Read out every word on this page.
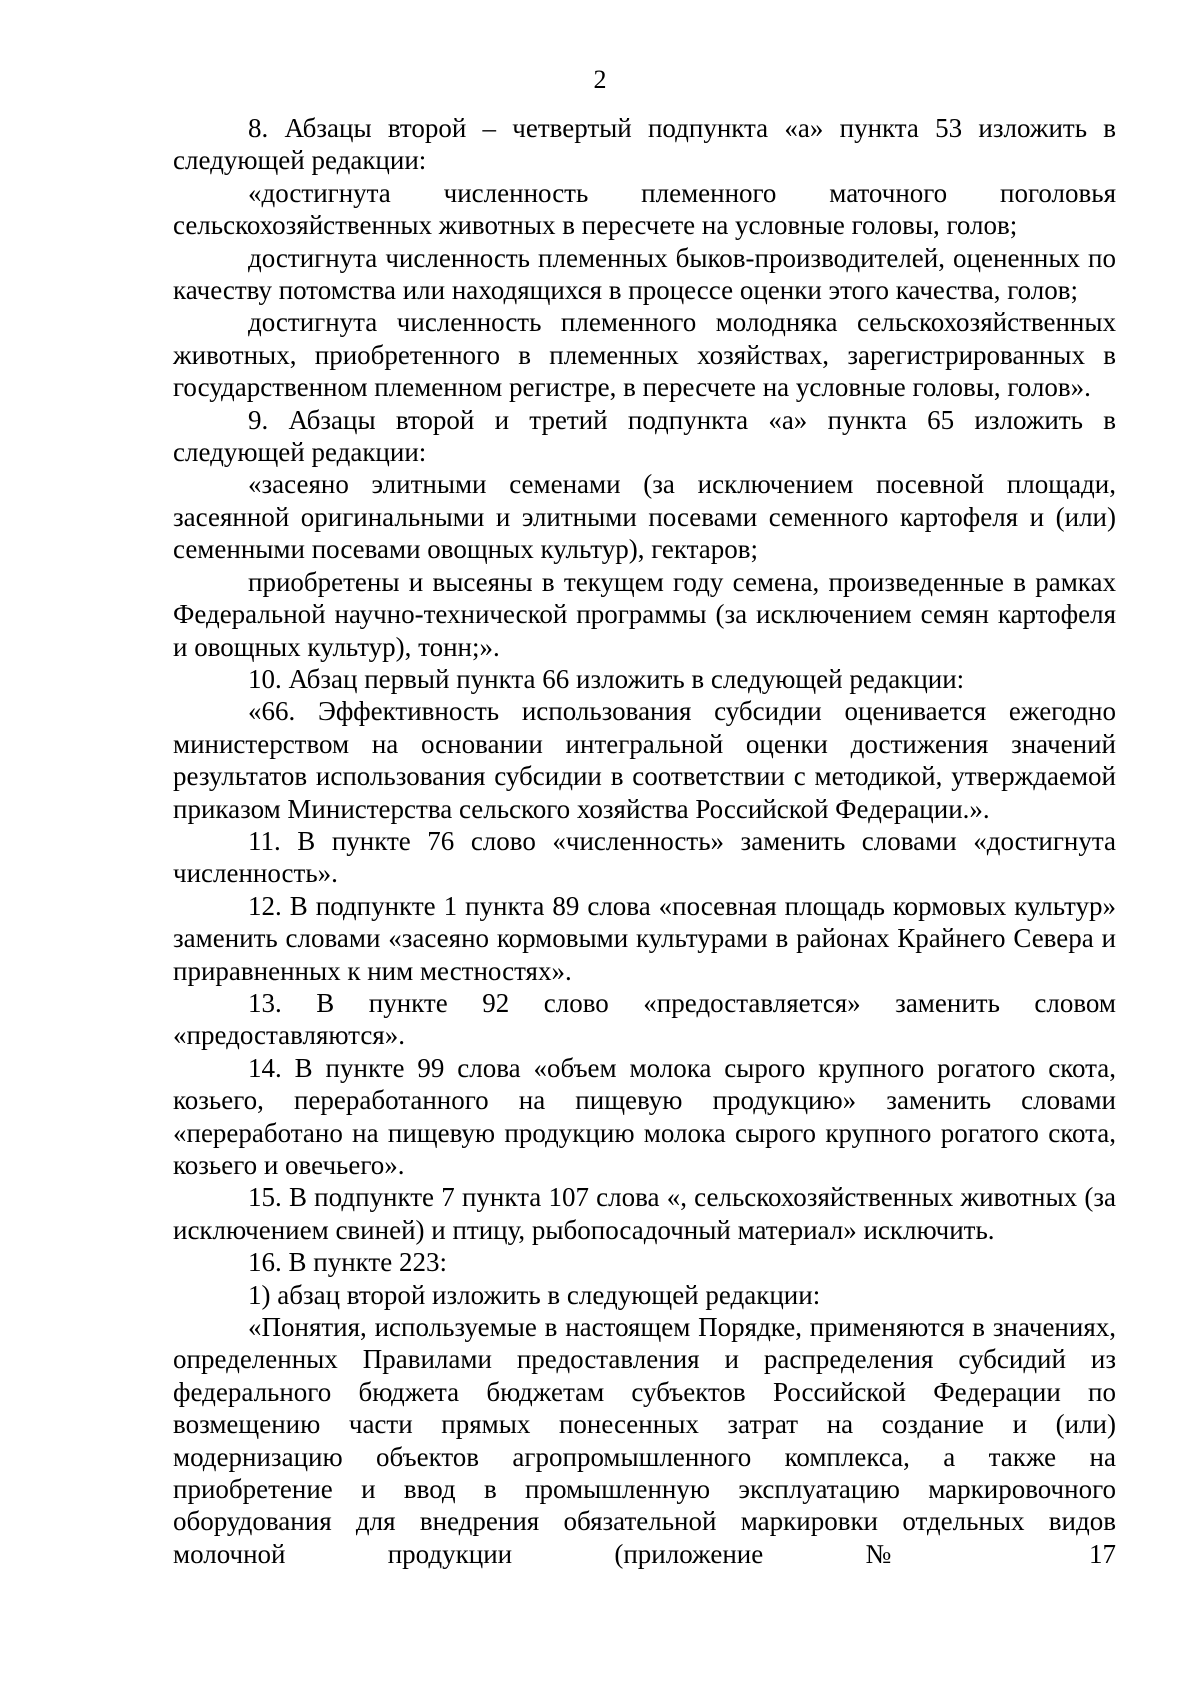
2

8. Абзацы второй – четвертый подпункта «а» пункта 53 изложить в следующей редакции:

«достигнута численность племенного маточного поголовья сельскохозяйственных животных в пересчете на условные головы, голов;

достигнута численность племенных быков-производителей, оцененных по качеству потомства или находящихся в процессе оценки этого качества, голов;

достигнута численность племенного молодняка сельскохозяйственных животных, приобретенного в племенных хозяйствах, зарегистрированных в государственном племенном регистре, в пересчете на условные головы, голов».

9. Абзацы второй и третий подпункта «а» пункта 65 изложить в следующей редакции:

«засеяно элитными семенами (за исключением посевной площади, засеянной оригинальными и элитными посевами семенного картофеля и (или) семенными посевами овощных культур), гектаров;

приобретены и высеяны в текущем году семена, произведенные в рамках Федеральной научно-технической программы (за исключением семян картофеля и овощных культур), тонн;».

10. Абзац первый пункта 66 изложить в следующей редакции:

«66. Эффективность использования субсидии оценивается ежегодно министерством на основании интегральной оценки достижения значений результатов использования субсидии в соответствии с методикой, утверждаемой приказом Министерства сельского хозяйства Российской Федерации.».

11. В пункте 76 слово «численность» заменить словами «достигнута численность».

12. В подпункте 1 пункта 89 слова «посевная площадь кормовых культур» заменить словами «засеяно кормовыми культурами в районах Крайнего Севера и приравненных к ним местностях».

13. В пункте 92 слово «предоставляется» заменить словом «предоставляются».

14. В пункте 99 слова «объем молока сырого крупного рогатого скота, козьего, переработанного на пищевую продукцию» заменить словами «переработано на пищевую продукцию молока сырого крупного рогатого скота, козьего и овечьего».

15. В подпункте 7 пункта 107 слова «, сельскохозяйственных животных (за исключением свиней) и птицу, рыбопосадочный материал» исключить.

16. В пункте 223:

1) абзац второй изложить в следующей редакции:

«Понятия, используемые в настоящем Порядке, применяются в значениях, определенных Правилами предоставления и распределения субсидий из федерального бюджета бюджетам субъектов Российской Федерации по возмещению части прямых понесенных затрат на создание и (или) модернизацию объектов агропромышленного комплекса, а также на приобретение и ввод в промышленную эксплуатацию маркировочного оборудования для внедрения обязательной маркировки отдельных видов молочной продукции (приложение № 17
